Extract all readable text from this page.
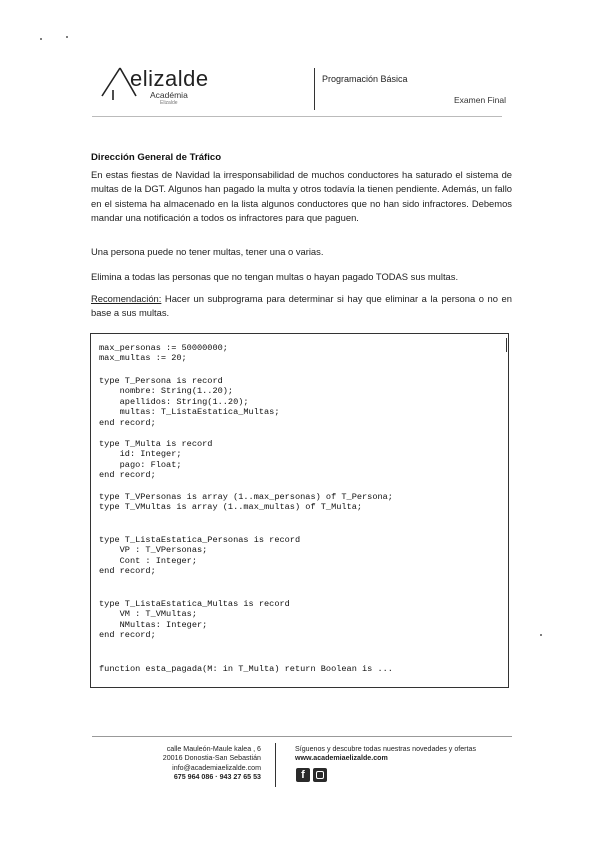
elizalde
Académia
Elizalde
Programación Básica
Examen Final
Dirección General de Tráfico
En estas fiestas de Navidad la irresponsabilidad de muchos conductores ha saturado el sistema de multas de la DGT. Algunos han pagado la multa y otros todavía la tienen pendiente. Además, un fallo en el sistema ha almacenado en la lista algunos conductores que no han sido infractores. Debemos mandar una notificación a todos os infractores para que paguen.
Una persona puede no tener multas, tener una o varias.
Elimina a todas las personas que no tengan multas o hayan pagado TODAS sus multas.
Recomendación: Hacer un subprograma para determinar si hay que eliminar a la persona o no en base a sus multas.
max_personas := 50000000;
max_multas := 20;
type T_Persona is record
nombre: String(1..20);
apellidos: String(1..20);
multas: T_ListaEstatica_Multas;
end record;
type T_Multa is record
id: Integer;
pago: Float;
end record;
type T_VPersonas is array (1..max_personas) of T_Persona;
type T_VMultas is array (1..max_multas) of T_Multa;
type T_ListaEstatica_Personas is record
VP : T_VPersonas;
Cont : Integer;
end record;
type T_ListaEstatica_Multas is record
VM : T_VMultas;
NMultas: Integer;
end record;
function esta_pagada(M: in T_Multa) return Boolean is ...
calle Mauleón-Maule kalea , 6
20016 Donostia-San Sebastián
info@academiaelizalde.com
675 964 086 · 943 27 65 53
Síguenos y descubre todas nuestras novedades y ofertas
www.academiaelizalde.com
f
